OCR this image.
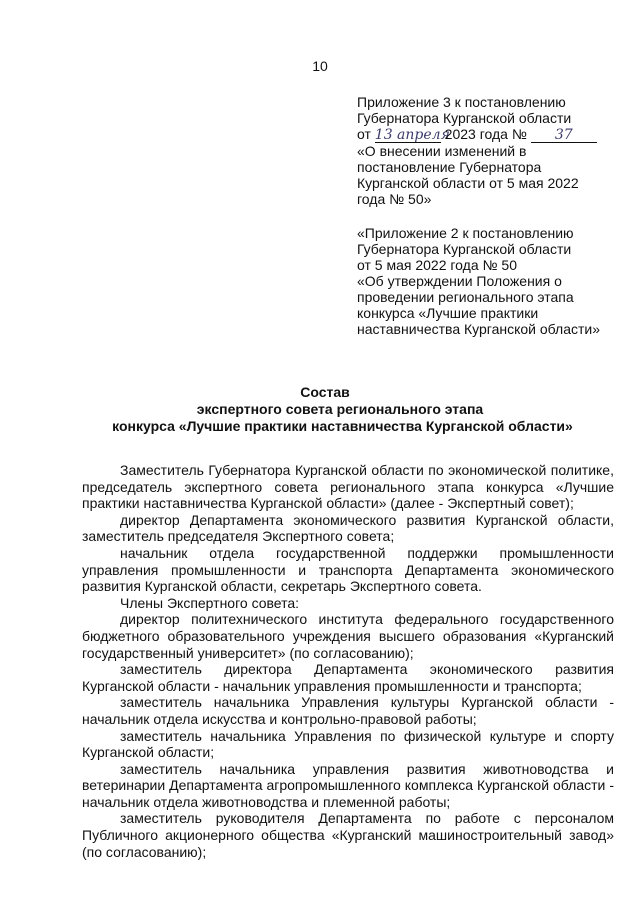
10
Приложение 3 к постановлению
Губернатора Курганской области
от 13 апреля 2023 года № 37
«О внесении изменений в
постановление Губернатора
Курганской области от 5 мая 2022
года № 50»
«Приложение 2 к постановлению
Губернатора Курганской области
от 5 мая 2022 года № 50
«Об утверждении Положения о
проведении регионального этапа
конкурса «Лучшие практики
наставничества Курганской области»
Состав
экспертного совета регионального этапа
конкурса «Лучшие практики наставничества Курганской области»

Заместитель Губернатора Курганской области по экономической политике, председатель экспертного совета регионального этапа конкурса «Лучшие практики наставничества Курганской области» (далее - Экспертный совет);

директор Департамента экономического развития Курганской области, заместитель председателя Экспертного совета;

начальник отдела государственной поддержки промышленности управления промышленности и транспорта Департамента экономического развития Курганской области, секретарь Экспертного совета.

Члены Экспертного совета:

директор политехнического института федерального государственного бюджетного образовательного учреждения высшего образования «Курганский государственный университет» (по согласованию);

заместитель директора Департамента экономического развития Курганской области - начальник управления промышленности и транспорта;

заместитель начальника Управления культуры Курганской области - начальник отдела искусства и контрольно-правовой работы;

заместитель начальника Управления по физической культуре и спорту Курганской области;

заместитель начальника управления развития животноводства и ветеринарии Департамента агропромышленного комплекса Курганской области - начальник отдела животноводства и племенной работы;

заместитель руководителя Департамента по работе с персоналом Публичного акционерного общества «Курганский машиностроительный завод» (по согласованию);
